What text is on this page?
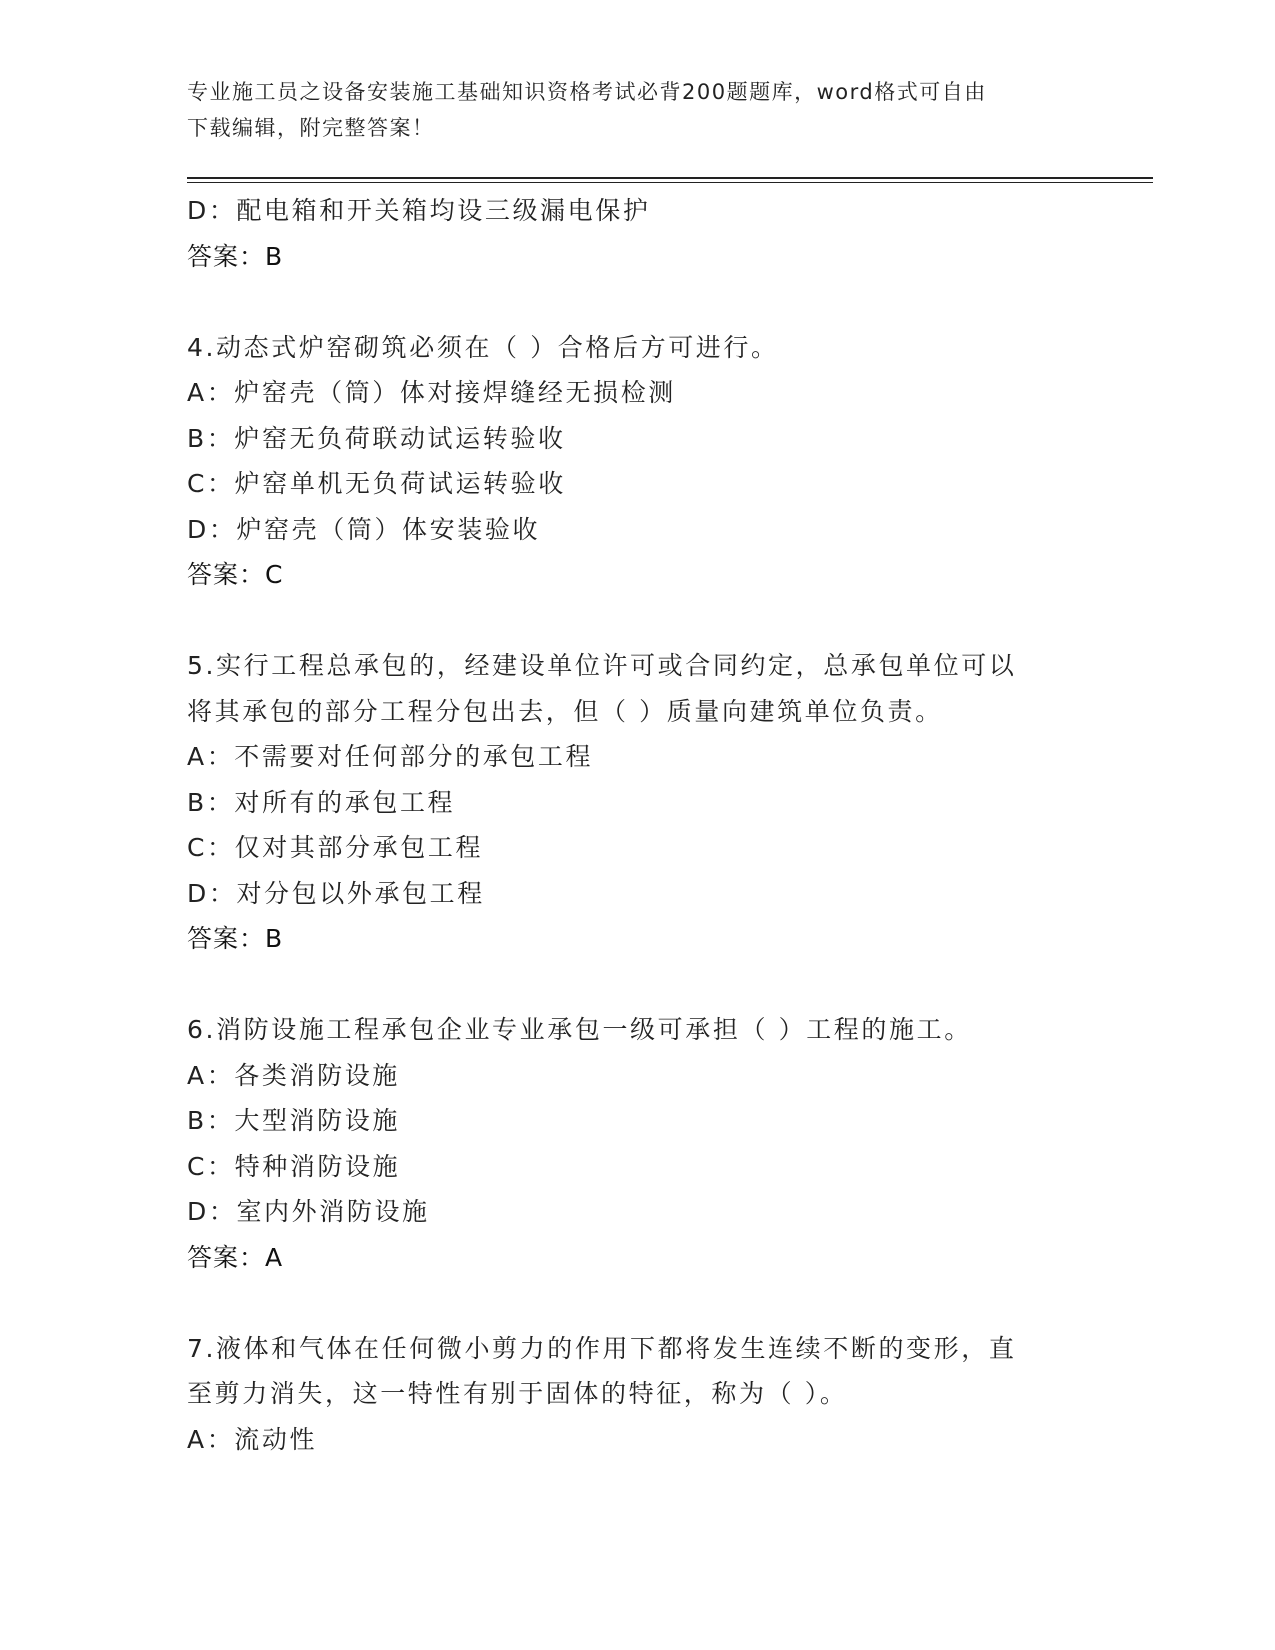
专业施工员之设备安装施工基础知识资格考试必背200题题库，word格式可自由
下载编辑，附完整答案！
D：配电箱和开关箱均设三级漏电保护
答案：B
4.动态式炉窑砌筑必须在（ ）合格后方可进行。
A：炉窑壳（筒）体对接焊缝经无损检测
B：炉窑无负荷联动试运转验收
C：炉窑单机无负荷试运转验收
D：炉窑壳（筒）体安装验收
答案：C
5.实行工程总承包的，经建设单位许可或合同约定，总承包单位可以
将其承包的部分工程分包出去，但（ ）质量向建筑单位负责。
A：不需要对任何部分的承包工程
B：对所有的承包工程
C：仅对其部分承包工程
D：对分包以外承包工程
答案：B
6.消防设施工程承包企业专业承包一级可承担（ ）工程的施工。
A：各类消防设施
B：大型消防设施
C：特种消防设施
D：室内外消防设施
答案：A
7.液体和气体在任何微小剪力的作用下都将发生连续不断的变形，直
至剪力消失，这一特性有别于固体的特征，称为（ ）。
A：流动性
